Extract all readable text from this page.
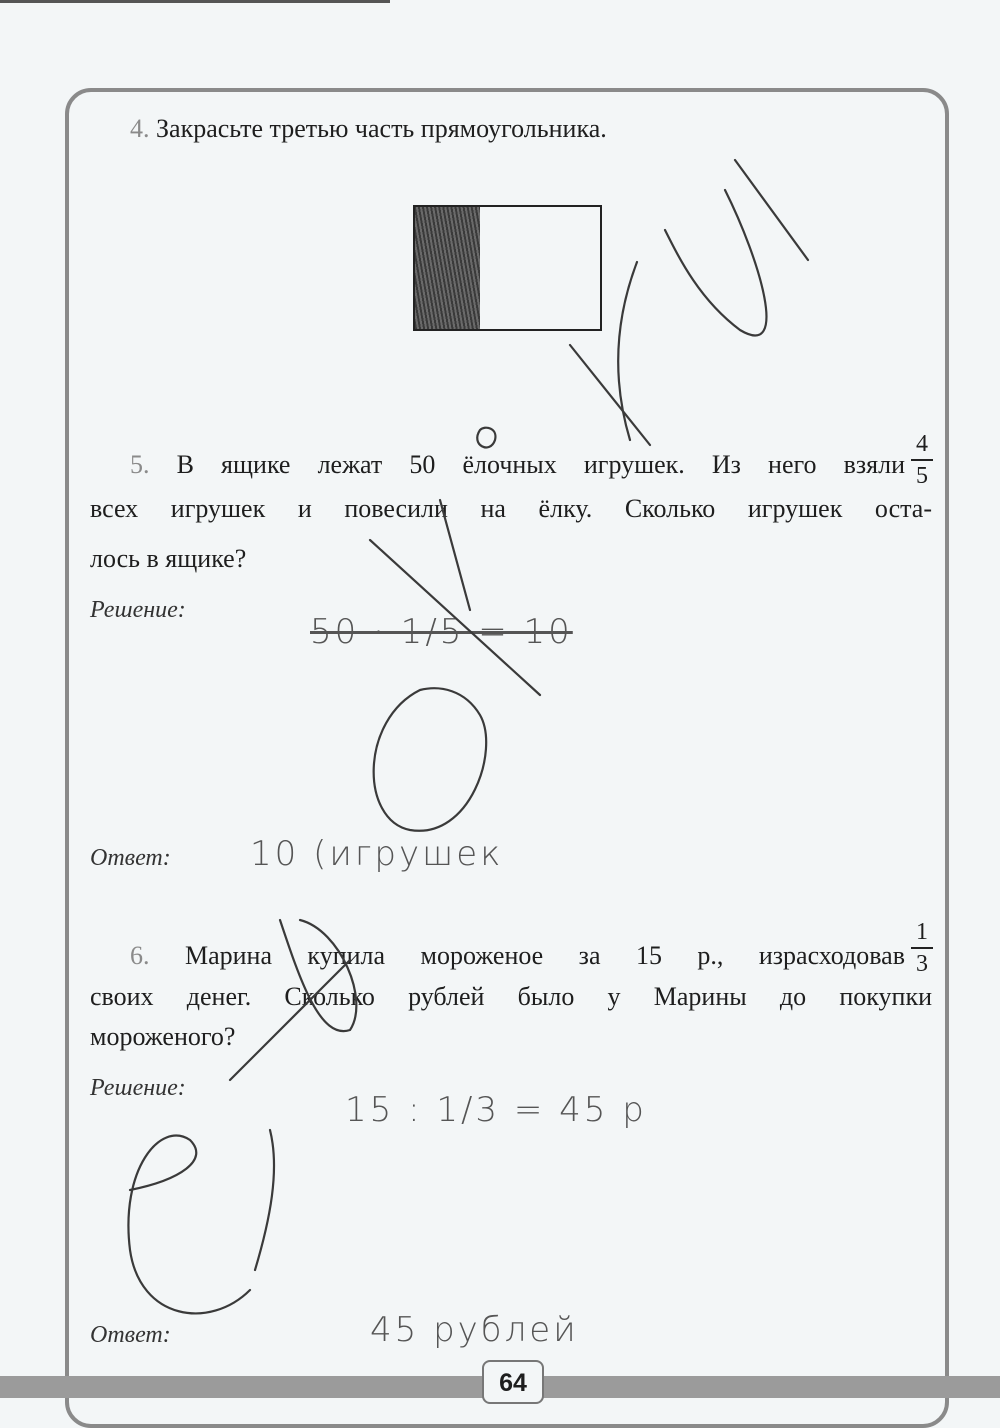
4. Закрасьте третью часть прямоугольника.
5. В ящике лежат 50 ёлочных игрушек. Из него взяли
4
5
всех игрушек и повесили на ёлку. Сколько игрушек оста-
лось в ящике?
Решение:
50 · 1/5 = 10
Ответ: 10 (игрушек
6. Марина купила мороженое за 15 р., израсходовав
1
3
своих денег. Сколько рублей было у Марины до покупки
мороженого?
Решение:
15 : 1/3 = 45 р
Ответ:	45 рублей
64
